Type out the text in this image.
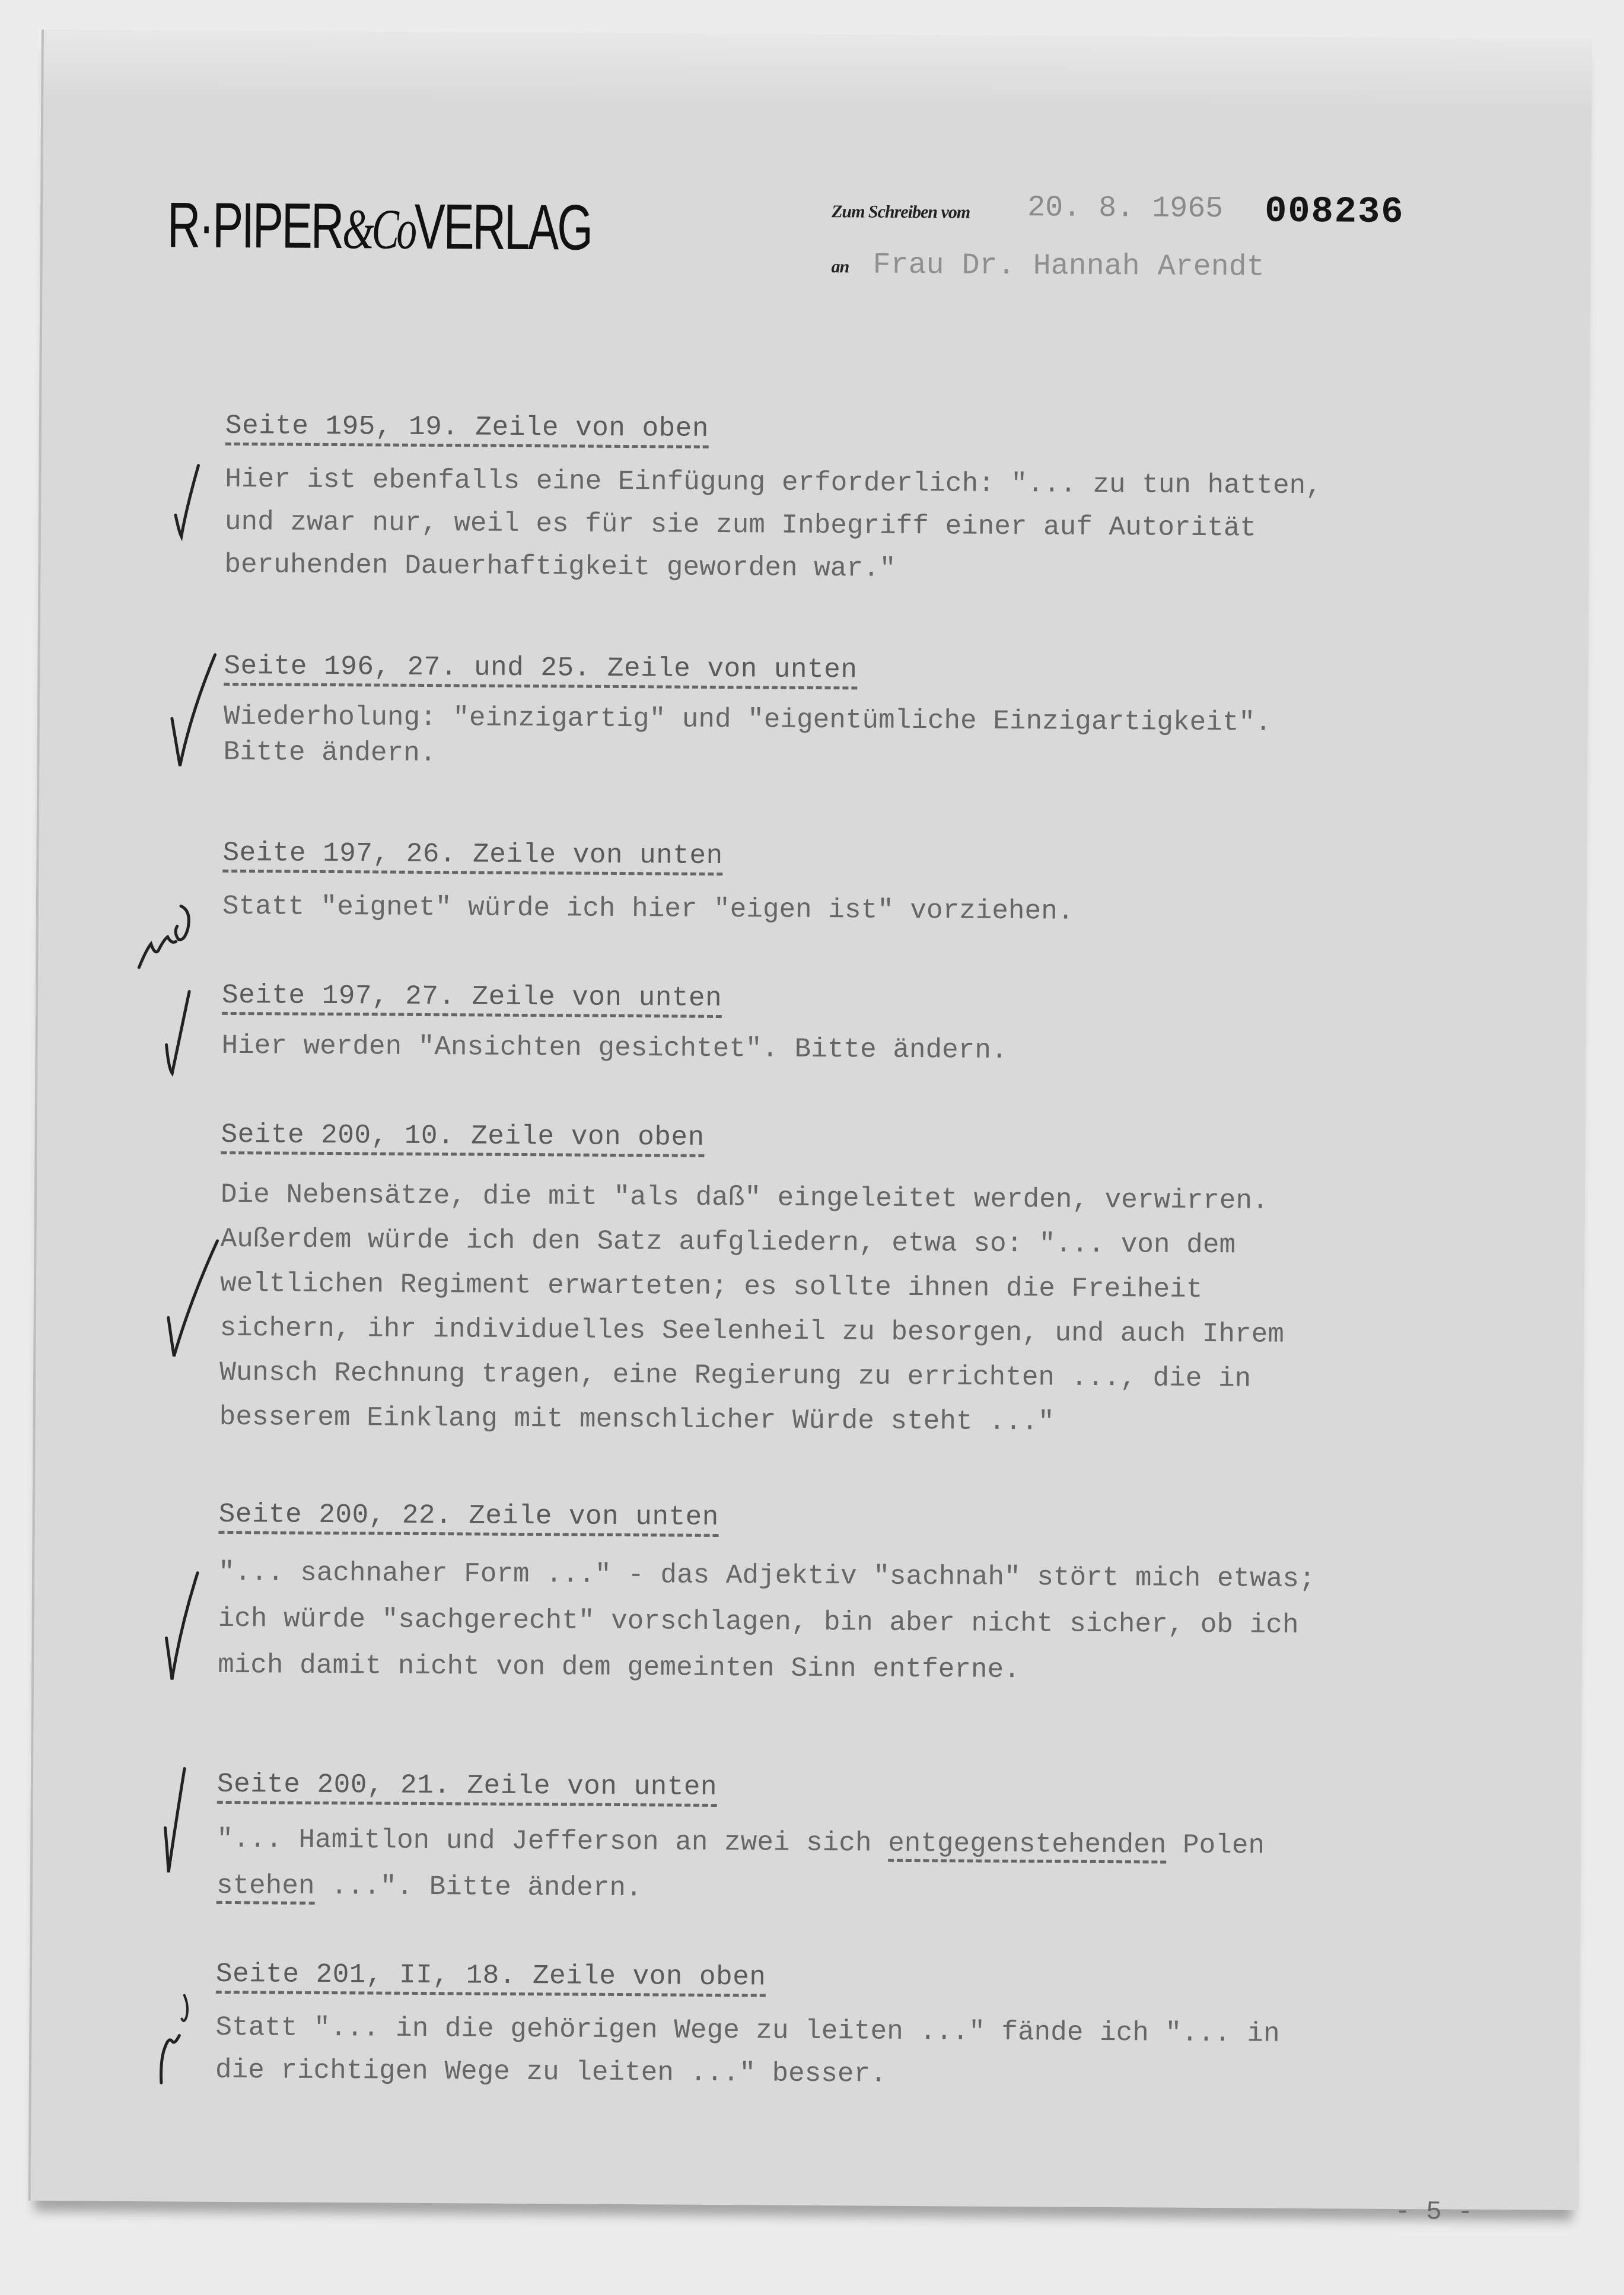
R·PIPER&CoVERLAG	Zum Schreiben vom 20. 8. 1965 008236
an Frau Dr. Hannah Arendt
Seite 195, 19. Zeile von oben
Hier ist ebenfalls eine Einfügung erforderlich: "... zu tun hatten,
und zwar nur, weil es für sie zum Inbegriff einer auf Autorität
beruhenden Dauerhaftigkeit geworden war."
Seite 196, 27. und 25. Zeile von unten
Wiederholung: "einzigartig" und "eigentümliche Einzigartigkeit".
Bitte ändern.
Seite 197, 26. Zeile von unten
Statt "eignet" würde ich hier "eigen ist" vorziehen.
Seite 197, 27. Zeile von unten
Hier werden "Ansichten gesichtet". Bitte ändern.
Seite 200, 10. Zeile von oben
Die Nebensätze, die mit "als daß" eingeleitet werden, verwirren.
Außerdem würde ich den Satz aufgliedern, etwa so: "... von dem
weltlichen Regiment erwarteten; es sollte ihnen die Freiheit
sichern, ihr individuelles Seelenheil zu besorgen, und auch Ihrem
Wunsch Rechnung tragen, eine Regierung zu errichten ..., die in
besserem Einklang mit menschlicher Würde steht ..."
Seite 200, 22. Zeile von unten
"... sachnaher Form ..." - das Adjektiv "sachnah" stört mich etwas;
ich würde "sachgerecht" vorschlagen, bin aber nicht sicher, ob ich
mich damit nicht von dem gemeinten Sinn entferne.
Seite 200, 21. Zeile von unten
"... Hamitlon und Jefferson an zwei sich entgegenstehenden Polen
stehen ...". Bitte ändern.
Seite 201, II, 18. Zeile von oben
Statt "... in die gehörigen Wege zu leiten ..." fände ich "... in
die richtigen Wege zu leiten ..." besser.
- 5 -
